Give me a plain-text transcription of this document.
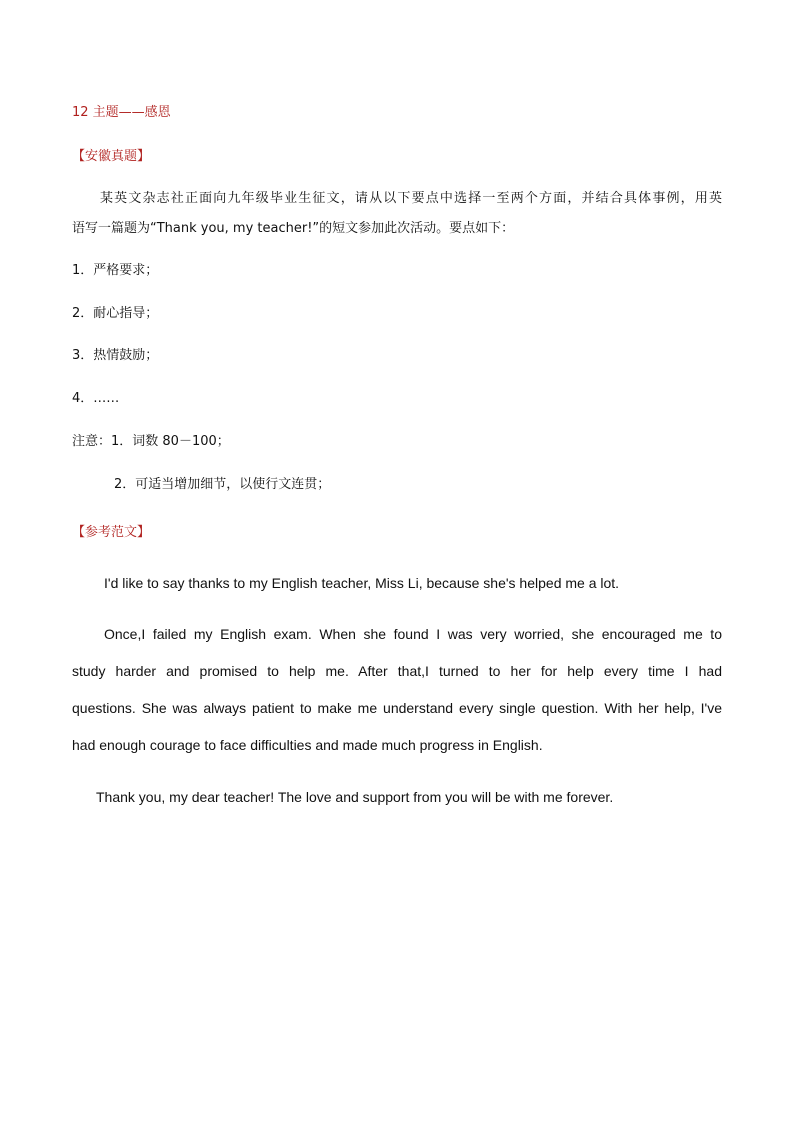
12 主题——感恩
【安徽真题】
某英文杂志社正面向九年级毕业生征文，请从以下要点中选择一至两个方面，并结合具体事例，用英
语写一篇题为“Thank you, my teacher!”的短文参加此次活动。要点如下：
1．严格要求；
2．耐心指导；
3．热情鼓励；
4．……
注意：1．词数 80－100；
2．可适当增加细节，以使行文连贯；
【参考范文】
I'd like to say thanks to my English teacher, Miss Li, because she's helped me a lot.
Once,I failed my English exam. When she found I was very worried, she encouraged me to
study harder and promised to help me. After that,I turned to her for help every time I had
questions. She was always patient to make me understand every single question. With her help, I've
had enough courage to face difficulties and made much progress in English.
Thank you, my dear teacher! The love and support from you will be with me forever.
